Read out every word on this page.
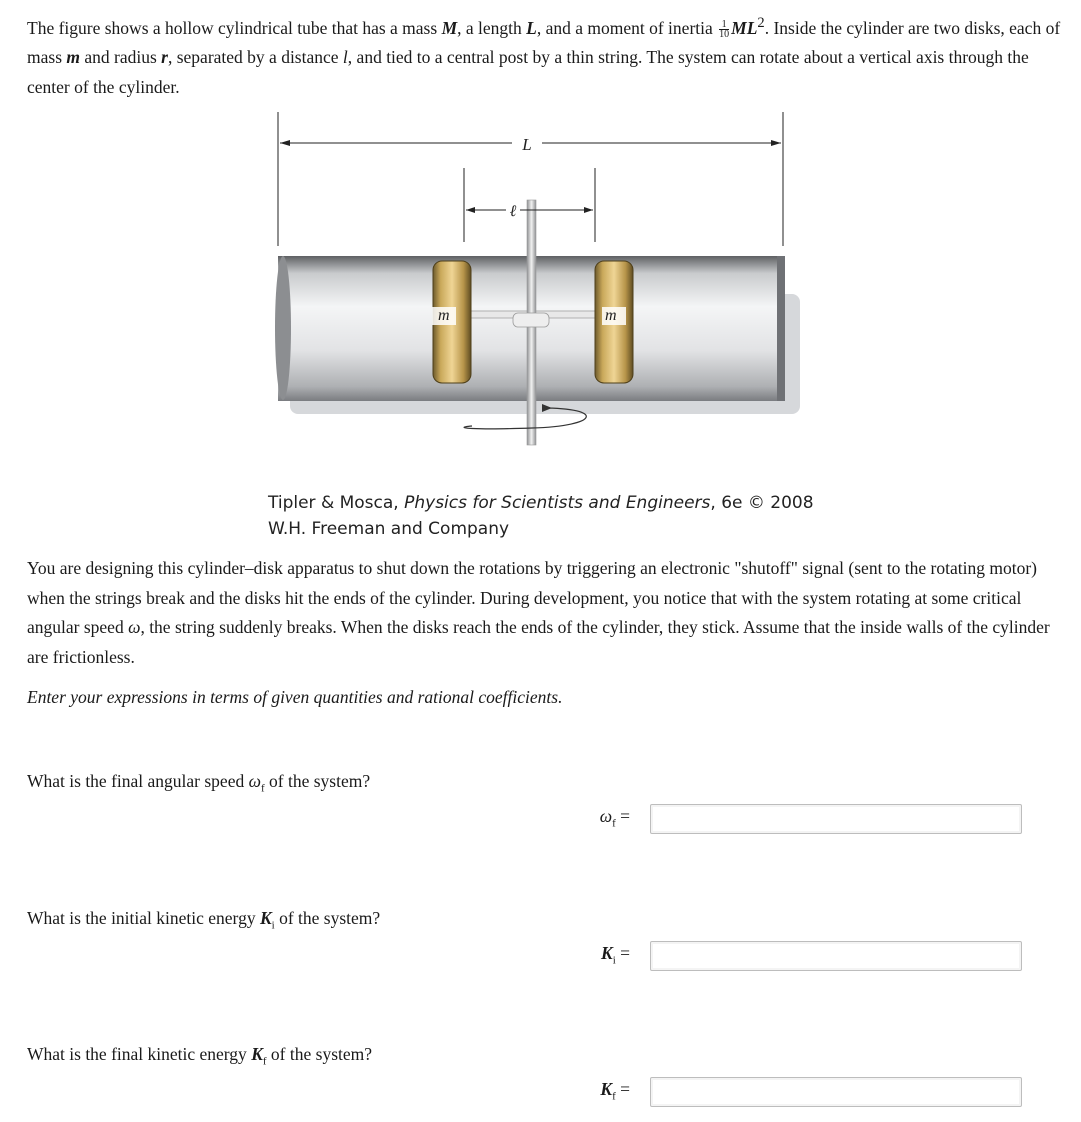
The figure shows a hollow cylindrical tube that has a mass M, a length L, and a moment of inertia $\frac{1}{10} ML^2$. Inside the cylinder are two disks, each of mass m and radius r, separated by a distance l, and tied to a central post by a thin string. The system can rotate about a vertical axis through the center of the cylinder.
L
ℓ
m	m
Tipler & Mosca, Physics for Scientists and Engineers, 6e © 2008
W.H. Freeman and Company
You are designing this cylinder–disk apparatus to shut down the rotations by triggering an electronic "shutoff" signal (sent to the rotating motor) when the strings break and the disks hit the ends of the cylinder. During development, you notice that with the system rotating at some critical angular speed ω, the string suddenly breaks. When the disks reach the ends of the cylinder, they stick. Assume that the inside walls of the cylinder are frictionless.
Enter your expressions in terms of given quantities and rational coefficients.
What is the final angular speed $\omega_f$ of the system?
$\omega_f$ =
What is the initial kinetic energy $K_i$ of the system?
$K_i$ =
What is the final kinetic energy $K_f$ of the system?
$K_f$ =
